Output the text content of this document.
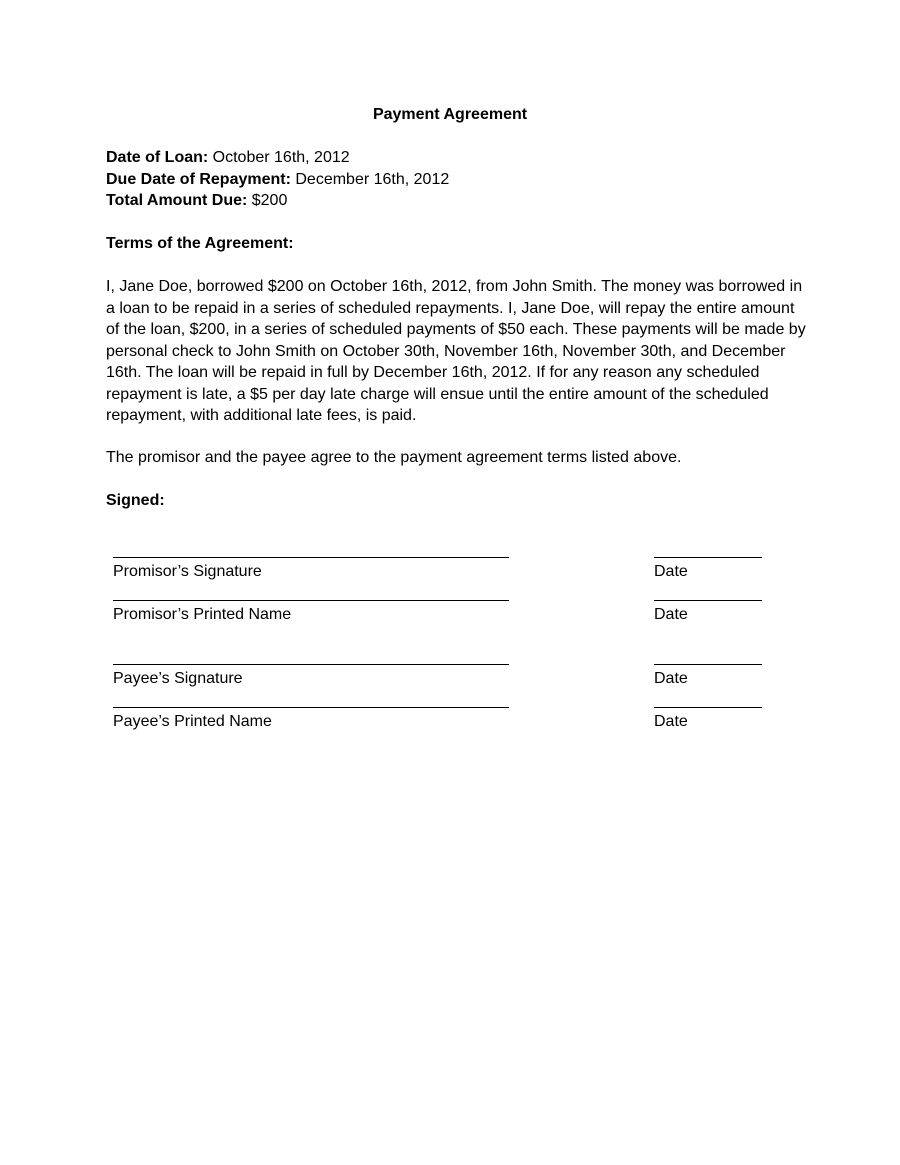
Payment Agreement
Date of Loan: October 16th, 2012
Due Date of Repayment: December 16th, 2012
Total Amount Due: $200
Terms of the Agreement:
I, Jane Doe, borrowed $200 on October 16th, 2012, from John Smith. The money was borrowed in a loan to be repaid in a series of scheduled repayments. I, Jane Doe, will repay the entire amount of the loan, $200, in a series of scheduled payments of $50 each. These payments will be made by personal check to John Smith on October 30th, November 16th, November 30th, and December 16th. The loan will be repaid in full by December 16th, 2012. If for any reason any scheduled repayment is late, a $5 per day late charge will ensue until the entire amount of the scheduled repayment, with additional late fees, is paid.
The promisor and the payee agree to the payment agreement terms listed above.
Signed:
Promisor’s Signature	Date
Promisor’s Printed Name	Date
Payee’s Signature	Date
Payee’s Printed Name	Date
